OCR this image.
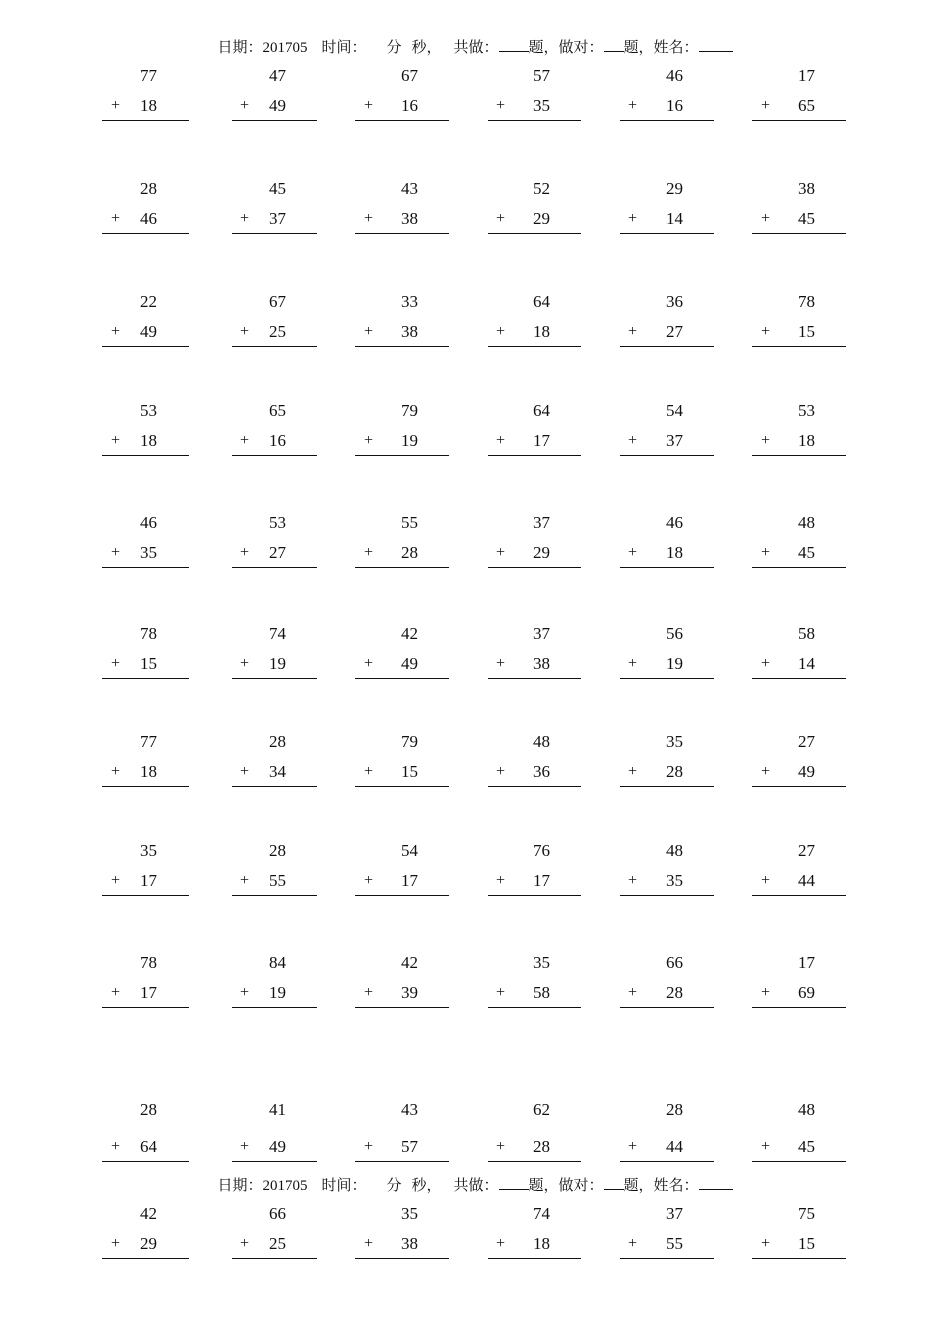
日期：201705 时间： 分 秒， 共做： 题，做对： 题，姓名：
日期：201705 时间： 分 秒， 共做： 题，做对： 题，姓名：
77
+	18
47
+	49
67
+	16
57
+	35
46
+	16
17
+	65
28
+	46
45
+	37
43
+	38
52
+	29
29
+	14
38
+	45
22
+	49
67
+	25
33
+	38
64
+	18
36
+	27
78
+	15
53
+	18
65
+	16
79
+	19
64
+	17
54
+	37
53
+	18
46
+	35
53
+	27
55
+	28
37
+	29
46
+	18
48
+	45
78
+	15
74
+	19
42
+	49
37
+	38
56
+	19
58
+	14
77
+	18
28
+	34
79
+	15
48
+	36
35
+	28
27
+	49
35
+	17
28
+	55
54
+	17
76
+	17
48
+	35
27
+	44
78
+	17
84
+	19
42
+	39
35
+	58
66
+	28
17
+	69
28
+	64
41
+	49
43
+	57
62
+	28
28
+	44
48
+	45
42
+	29
66
+	25
35
+	38
74
+	18
37
+	55
75
+	15
